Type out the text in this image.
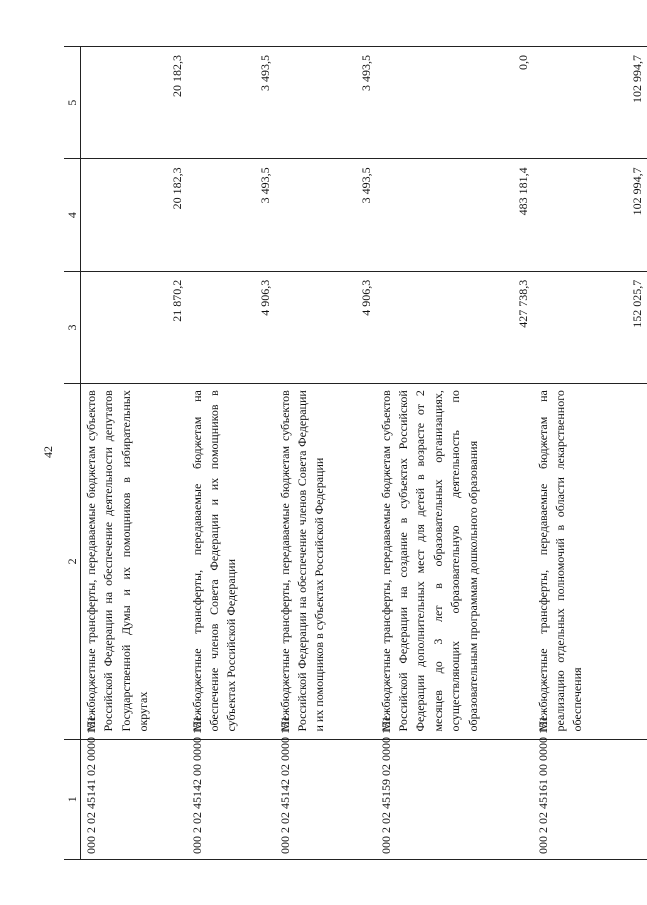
42
1	2	3	4	5
000 2 02 45141 02 0000 151	Межбюджетные трансферты, передаваемые бюджетам субъектов Российской Федерации на обеспечение деятельности депутатов Государственной Думы и их помощников в избирательных округах	21 870,2	20 182,3	20 182,3
000 2 02 45142 00 0000 151	Межбюджетные трансферты, передаваемые бюджетам на обеспечение членов Совета Федерации и их помощников в субъектах Российской Федерации	4 906,3	3 493,5	3 493,5
000 2 02 45142 02 0000 151	Межбюджетные трансферты, передаваемые бюджетам субъектов Российской Федерации на обеспечение членов Совета Федерации и их помощников в субъектах Российской Федерации	4 906,3	3 493,5	3 493,5
000 2 02 45159 02 0000 151	Межбюджетные трансферты, передаваемые бюджетам субъектов Российской Федерации на создание в субъектах Российской Федерации дополнительных мест для детей в возрасте от 2 месяцев до 3 лет в образовательных организациях, осуществляющих образовательную деятельность по образовательным программам дошкольного образования	427 738,3	483 181,4	0,0
000 2 02 45161 00 0000 151	Межбюджетные трансферты, передаваемые бюджетам на реализацию отдельных полномочий в области лекарственного обеспечения	152 025,7	102 994,7	102 994,7
